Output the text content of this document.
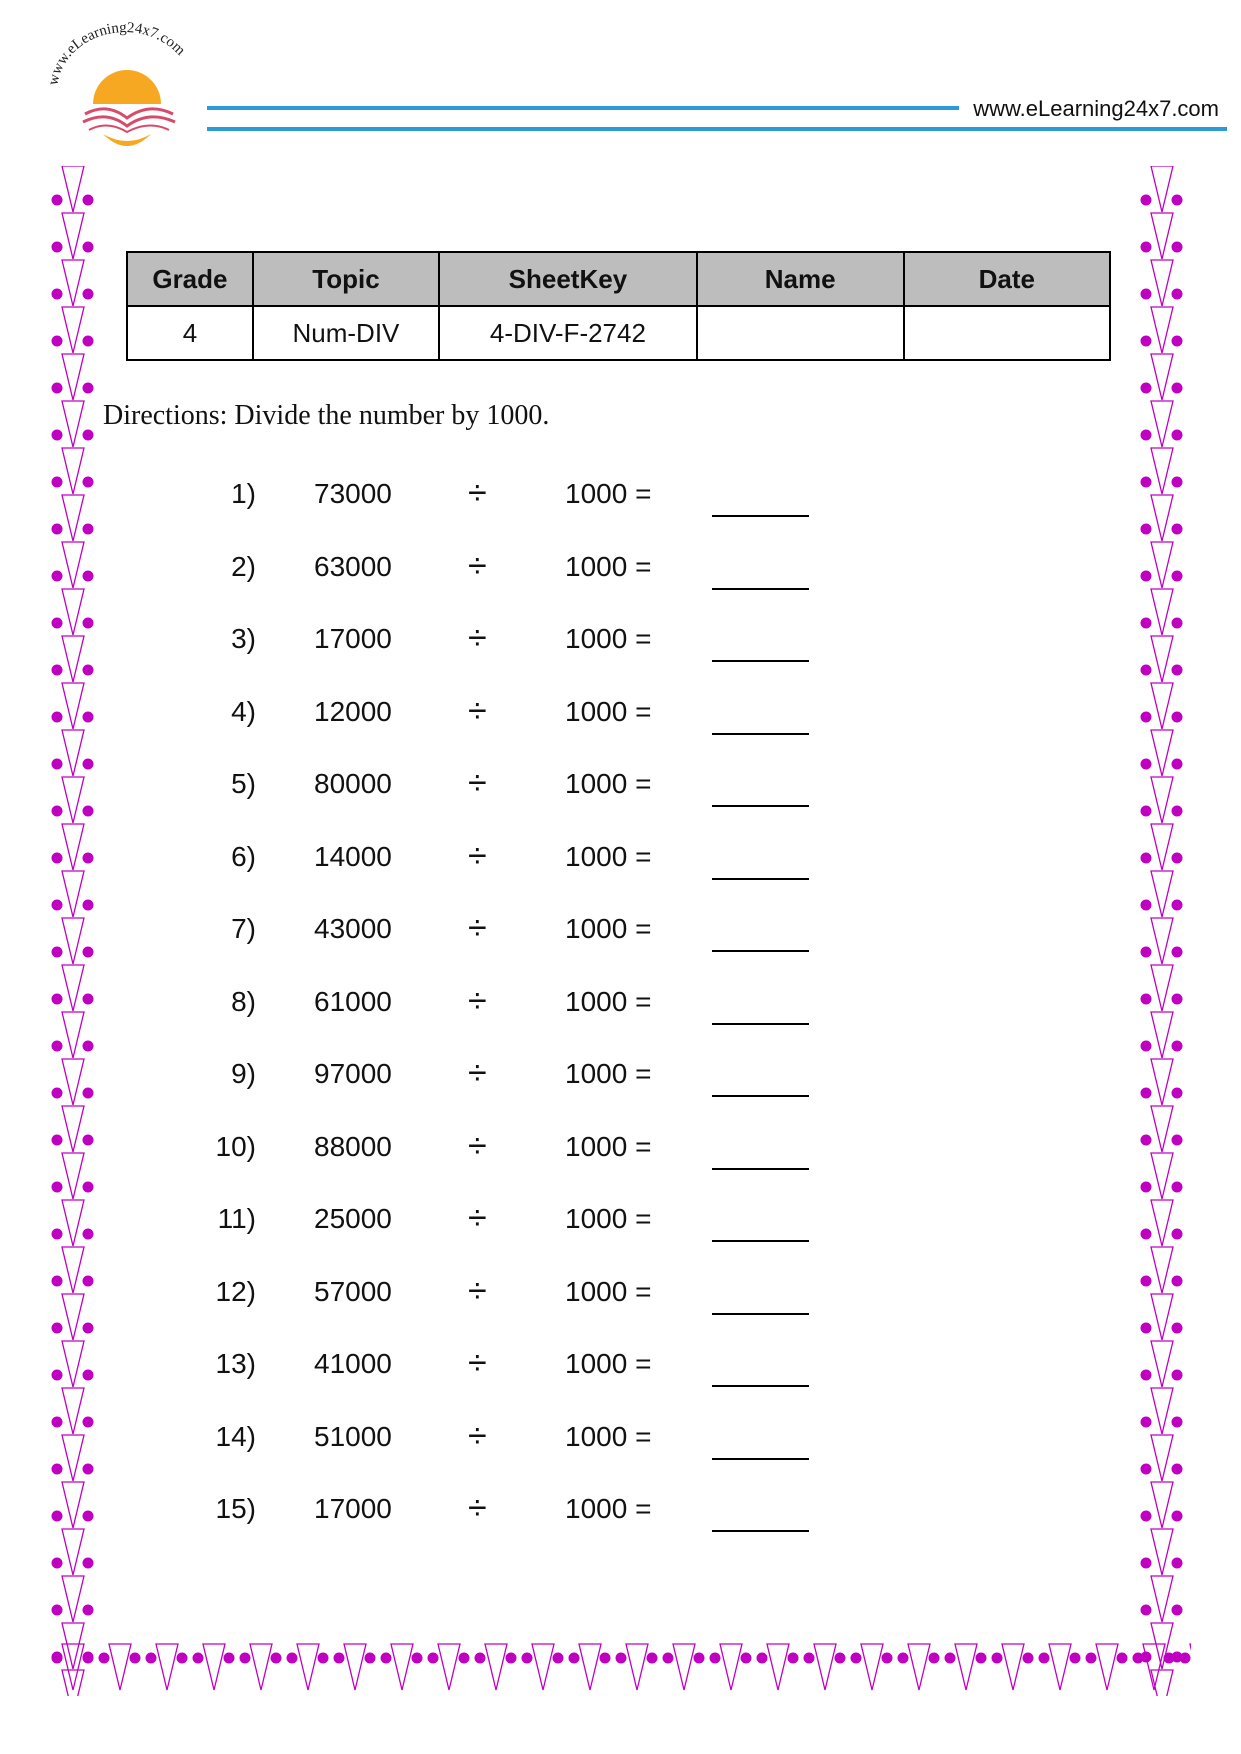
www.eLearning24x7.com
www.eLearning24x7.com
Grade	Topic	SheetKey	Name	Date
4	Num-DIV	4-DIV-F-2742		
Directions: Divide the number by 1000.
1) 73000 ÷	1000 =
2) 63000 ÷	1000 =
3) 17000 ÷	1000 =
4) 12000 ÷	1000 =
5) 80000 ÷	1000 =
6) 14000 ÷	1000 =
7) 43000 ÷	1000 =
8) 61000 ÷	1000 =
9) 97000 ÷	1000 =
10) 88000 ÷	1000 =
11) 25000 ÷	1000 =
12) 57000 ÷	1000 =
13) 41000 ÷	1000 =
14) 51000 ÷	1000 =
15) 17000 ÷	1000 =
